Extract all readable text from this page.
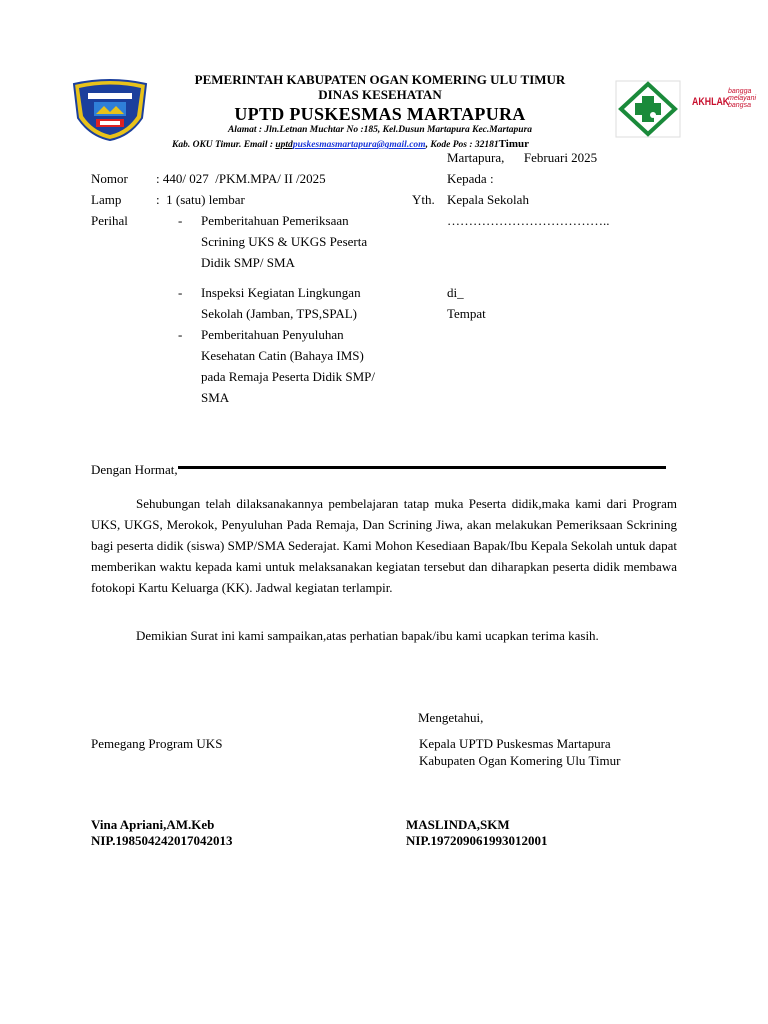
PEMERINTAH KABUPATEN OGAN KOMERING ULU TIMUR
DINAS KESEHATAN
UPTD PUSKESMAS MARTAPURA
Alamat : Jln.Letnan Muchtar No :185, Kel.Dusun Martapura Kec.Martapura
Kab. OKU Timur. Email : uptdpuskesmasmartapura@gmail.com, Kode Pos : 32181Timur
AKHLAK
bangga
melayani
bangsa
Martapura,      Februari 2025
Nomor : 440/ 027  /PKM.MPA/ II /2025
Lamp	:  1 (satu) lembar
Perihal	- Pemberitahuan Pemeriksaan
Scrining UKS & UKGS Peserta
Didik SMP/ SMA
- Inspeksi Kegiatan Lingkungan
Sekolah (Jamban, TPS,SPAL)
- Pemberitahuan Penyuluhan
Kesehatan Catin (Bahaya IMS)
pada Remaja Peserta Didik SMP/
SMA
Kepada :
Yth. Kepala Sekolah
………………………………..
di_
Tempat
Dengan Hormat,
Sehubungan telah dilaksanakannya pembelajaran tatap muka Peserta didik,maka kami dari Program UKS, UKGS, Merokok, Penyuluhan Pada Remaja, Dan Scrining Jiwa, akan melakukan Pemeriksaan Sckrining bagi peserta didik (siswa) SMP/SMA Sederajat. Kami Mohon Kesediaan Bapak/Ibu Kepala Sekolah untuk dapat memberikan waktu kepada kami untuk melaksanakan kegiatan tersebut dan diharapkan peserta didik membawa fotokopi Kartu Keluarga (KK). Jadwal kegiatan terlampir.
Demikian Surat ini kami sampaikan,atas perhatian bapak/ibu kami ucapkan terima kasih.
Mengetahui,
Pemegang Program UKS	Kepala UPTD Puskesmas Martapura
Kabupaten Ogan Komering Ulu Timur
Vina Apriani,AM.Keb
NIP.198504242017042013
MASLINDA,SKM
NIP.197209061993012001
